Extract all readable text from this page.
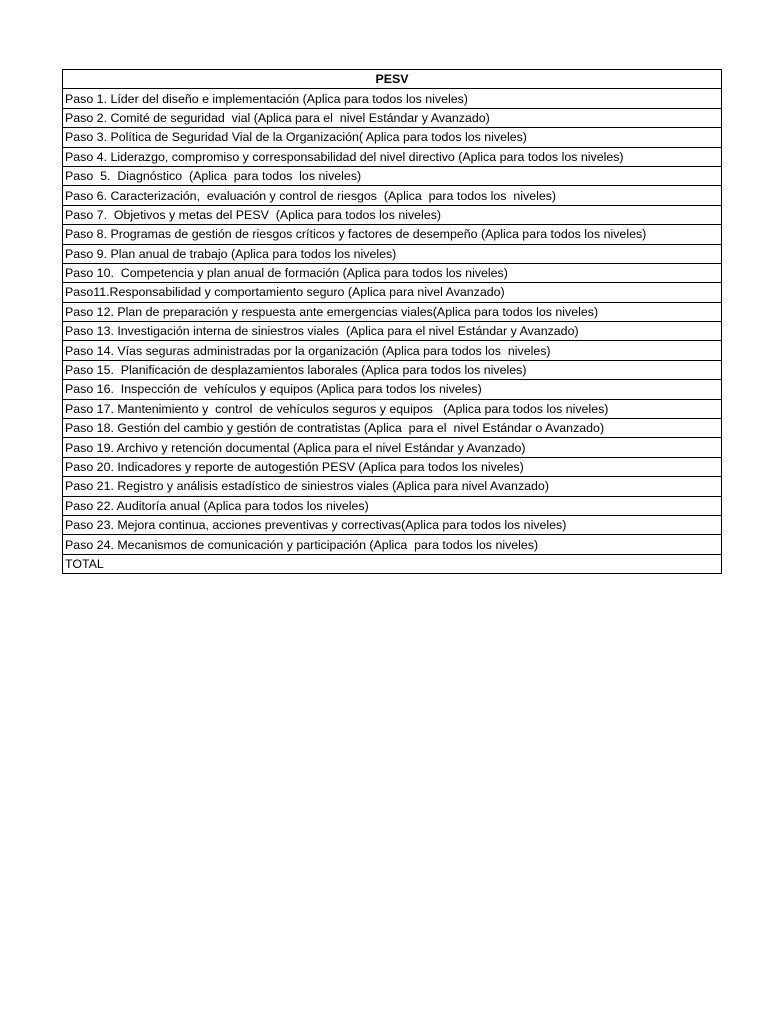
PESV
Paso 1. Líder del diseño e implementación (Aplica para todos los niveles)
Paso 2. Comité de seguridad  vial (Aplica para el  nivel Estándar y Avanzado)
Paso 3. Política de Seguridad Vial de la Organización( Aplica para todos los niveles)
Paso 4. Liderazgo, compromiso y corresponsabilidad del nivel directivo (Aplica para todos los niveles)
Paso  5.  Diagnóstico  (Aplica  para todos  los niveles)
Paso 6. Caracterización,  evaluación y control de riesgos  (Aplica  para todos los  niveles)
Paso 7.  Objetivos y metas del PESV  (Aplica para todos los niveles)
Paso 8. Programas de gestión de riesgos críticos y factores de desempeño (Aplica para todos los niveles)
Paso 9. Plan anual de trabajo (Aplica para todos los niveles)
Paso 10.  Competencia y plan anual de formación (Aplica para todos los niveles)
Paso11.Responsabilidad y comportamiento seguro (Aplica para nivel Avanzado)
Paso 12. Plan de preparación y respuesta ante emergencias viales(Aplica para todos los niveles)
Paso 13. Investigación interna de siniestros viales  (Aplica para el nivel Estándar y Avanzado)
Paso 14. Vías seguras administradas por la organización (Aplica para todos los  niveles)
Paso 15.  Planificación de desplazamientos laborales (Aplica para todos los niveles)
Paso 16.  Inspección de  vehículos y equipos (Aplica para todos los niveles)
Paso 17. Mantenimiento y  control  de vehículos seguros y equipos   (Aplica para todos los niveles)
Paso 18. Gestión del cambio y gestión de contratistas (Aplica  para el  nivel Estándar o Avanzado)
Paso 19. Archivo y retención documental (Aplica para el nivel Estándar y Avanzado)
Paso 20. Indicadores y reporte de autogestión PESV (Aplica para todos los niveles)
Paso 21. Registro y análisis estadístico de siniestros viales (Aplica para nivel Avanzado)
Paso 22. Auditoría anual (Aplica para todos los niveles)
Paso 23. Mejora continua, acciones preventivas y correctivas(Aplica para todos los niveles)
Paso 24. Mecanismos de comunicación y participación (Aplica  para todos los niveles)
TOTAL
